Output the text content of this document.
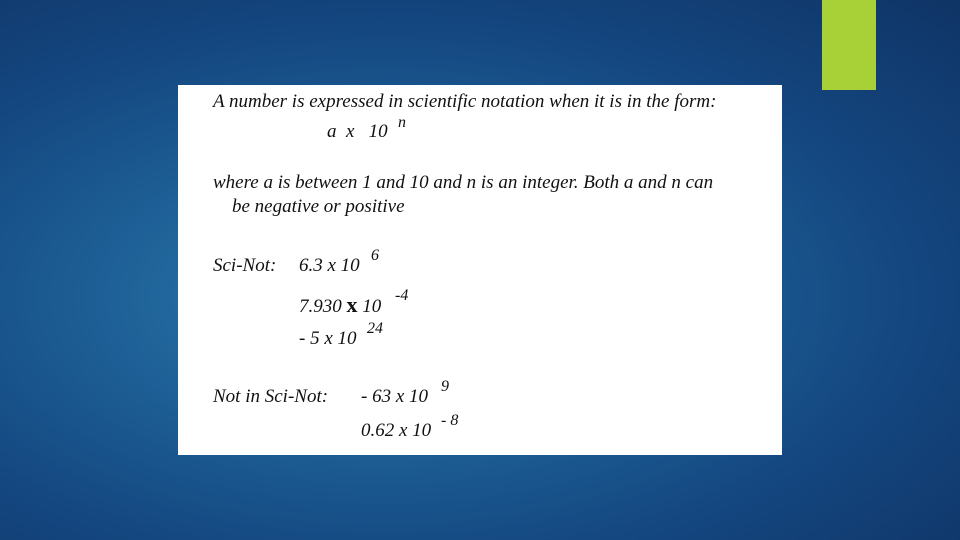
A number is expressed in scientific notation when it is in the form:
a  x   10 n
where a is between 1 and 10 and n is an integer. Both a and n can
be negative or positive
Sci-Not: 6.3 x 10 6
7.930 x 10
-4
- 5 x 10 24
Not in Sci-Not: - 63 x 10 9
0.62 x 10 - 8
